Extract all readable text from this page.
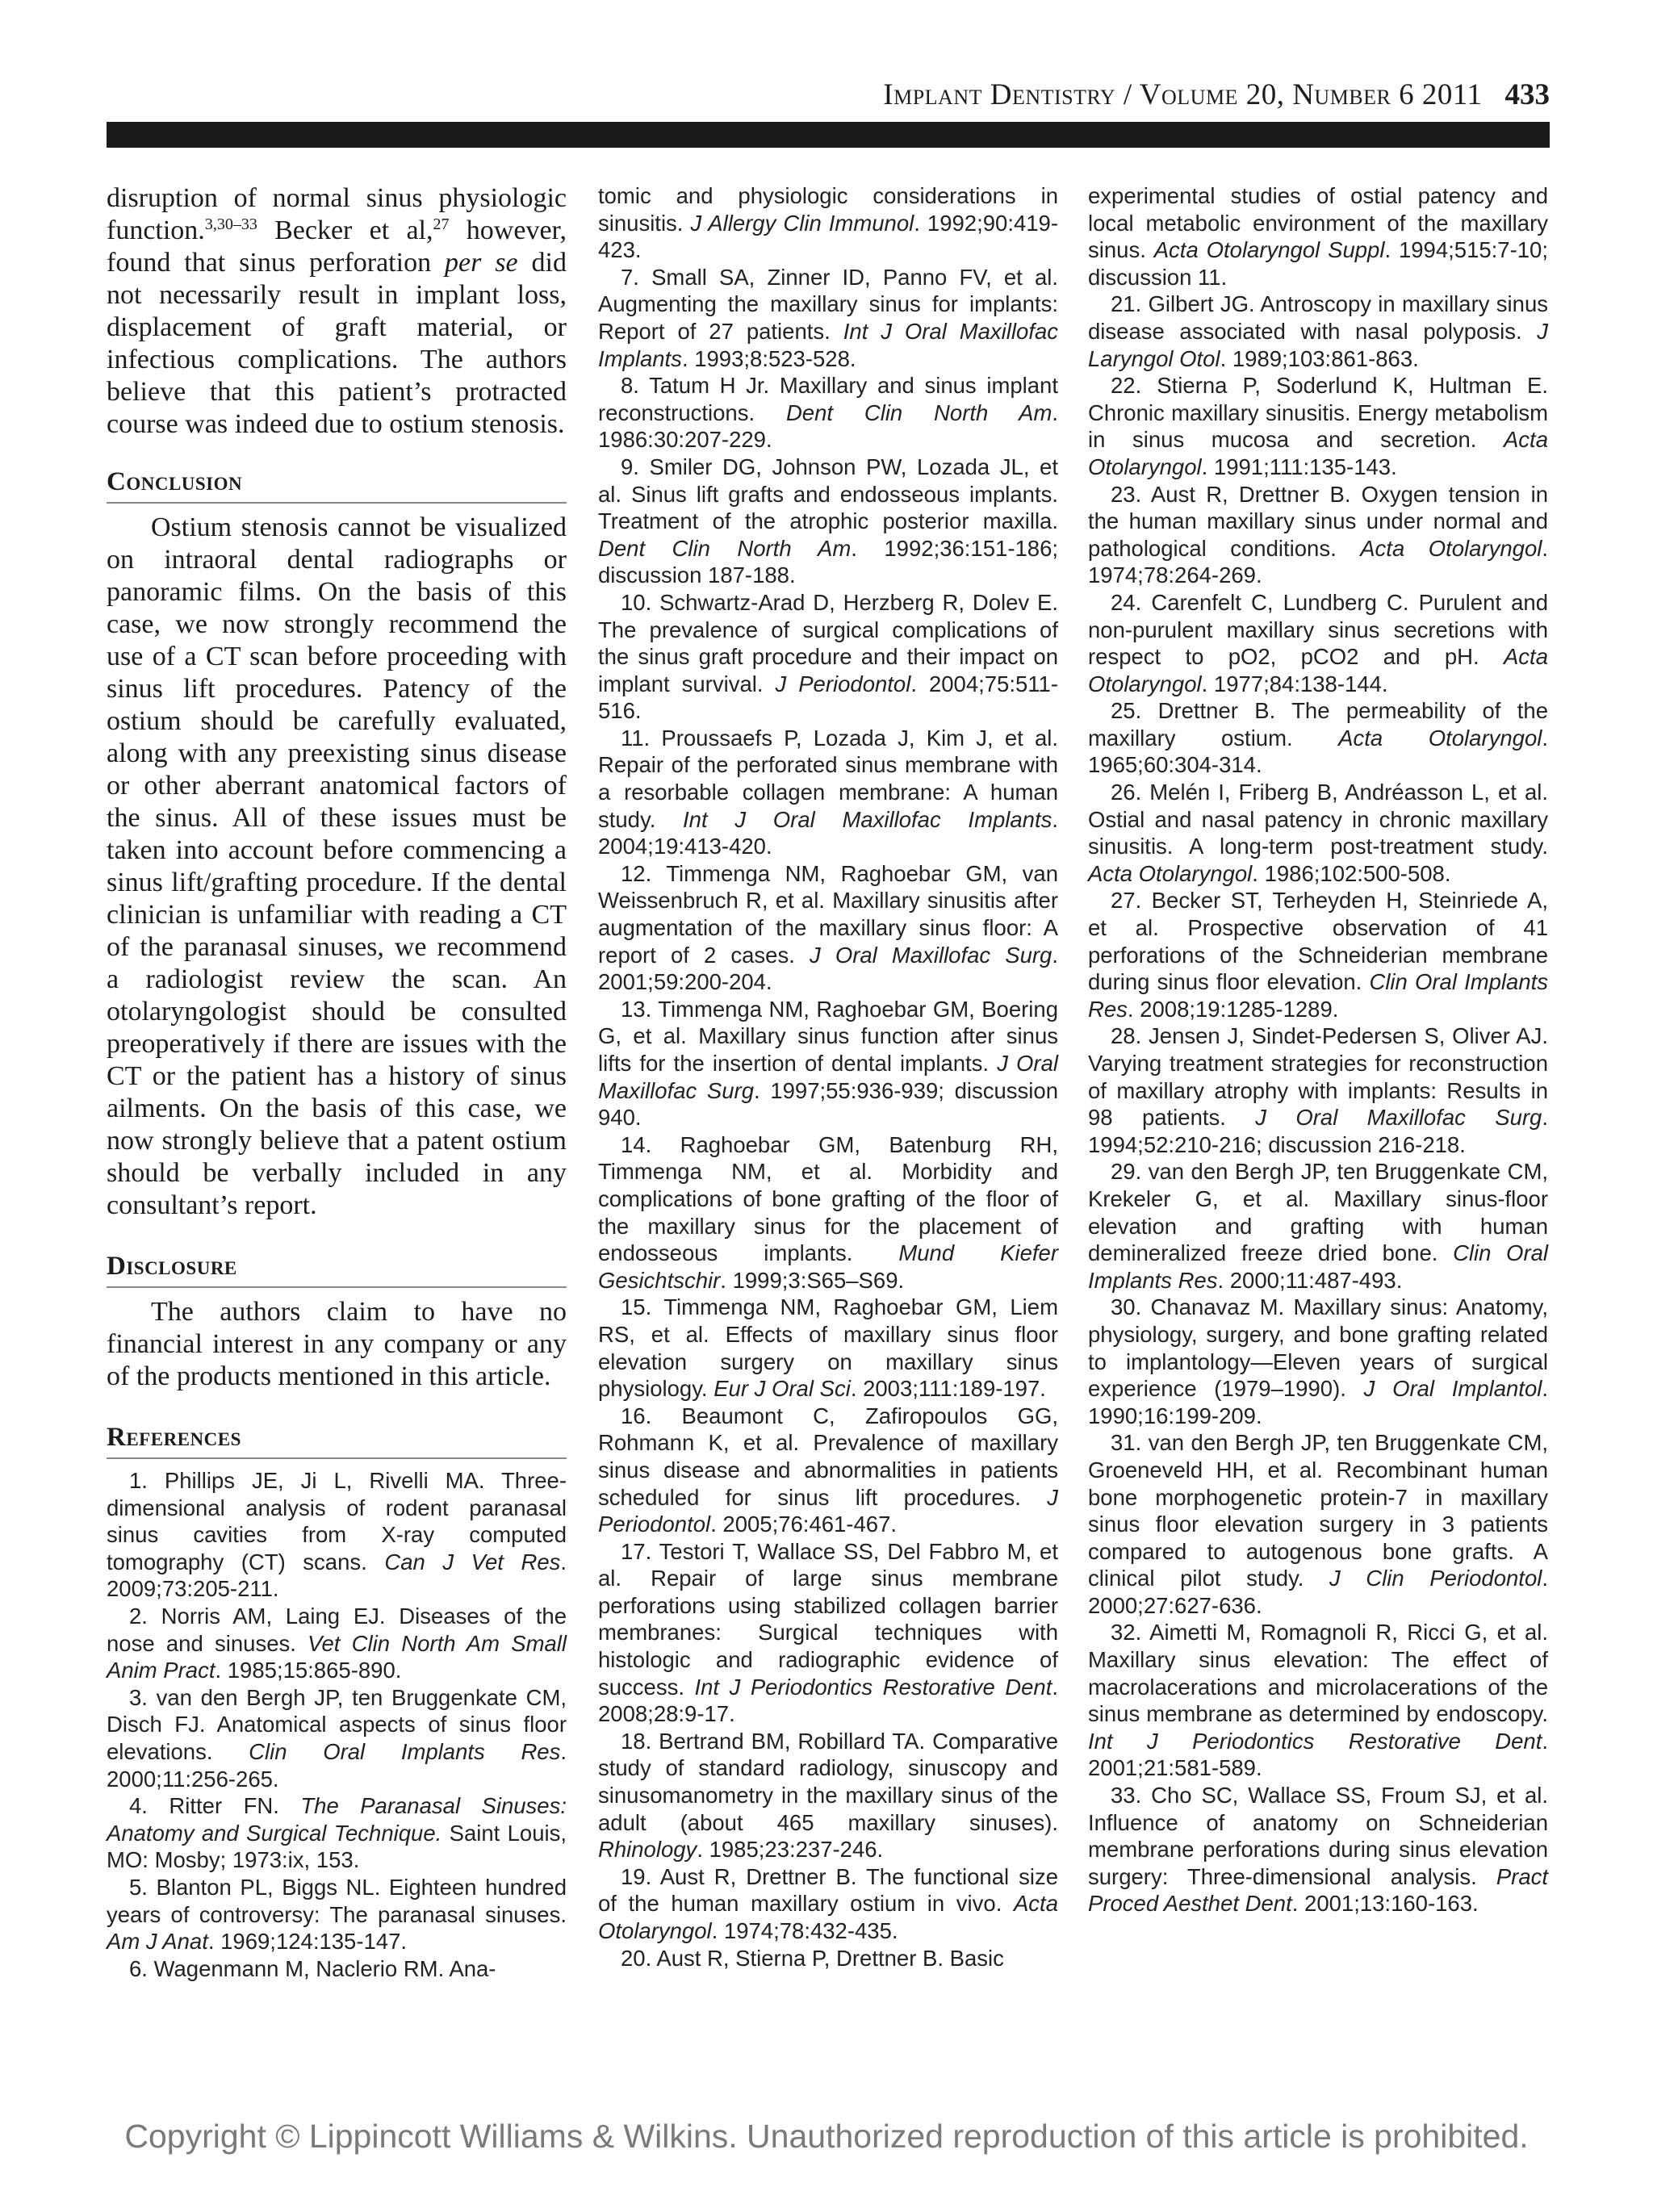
Implant Dentistry / Volume 20, Number 6 2011 433

disruption of normal sinus physiologic function.$^{3,30-33}$ Becker et al,$^{27}$ however, found that sinus perforation per se did not necessarily result in implant loss, displacement of graft material, or infectious complications. The authors believe that this patient’s protracted course was indeed due to ostium stenosis.

Conclusion

Ostium stenosis cannot be visualized on intraoral dental radiographs or panoramic films. On the basis of this case, we now strongly recommend the use of a CT scan before proceeding with sinus lift procedures. Patency of the ostium should be carefully evaluated, along with any preexisting sinus disease or other aberrant anatomical factors of the sinus. All of these issues must be taken into account before commencing a sinus lift/grafting procedure. If the dental clinician is unfamiliar with reading a CT of the paranasal sinuses, we recommend a radiologist review the scan. An otolaryngologist should be consulted preoperatively if there are issues with the CT or the patient has a history of sinus ailments. On the basis of this case, we now strongly believe that a patent ostium should be verbally included in any consultant’s report.

Disclosure

The authors claim to have no financial interest in any company or any of the products mentioned in this article.

References

1. Phillips JE, Ji L, Rivelli MA. Three-dimensional analysis of rodent paranasal sinus cavities from X-ray computed tomography (CT) scans. Can J Vet Res. 2009;73:205-211.

2. Norris AM, Laing EJ. Diseases of the nose and sinuses. Vet Clin North Am Small Anim Pract. 1985;15:865-890.

3. van den Bergh JP, ten Bruggenkate CM, Disch FJ. Anatomical aspects of sinus floor elevations. Clin Oral Implants Res. 2000;11:256-265.

4. Ritter FN. The Paranasal Sinuses: Anatomy and Surgical Technique. Saint Louis, MO: Mosby; 1973:ix, 153.

5. Blanton PL, Biggs NL. Eighteen hundred years of controversy: The paranasal sinuses. Am J Anat. 1969;124:135-147.

6. Wagenmann M, Naclerio RM. Ana-

tomic and physiologic considerations in sinusitis. J Allergy Clin Immunol. 1992;90:419-423.

7. Small SA, Zinner ID, Panno FV, et al. Augmenting the maxillary sinus for implants: Report of 27 patients. Int J Oral Maxillofac Implants. 1993;8:523-528.

8. Tatum H Jr. Maxillary and sinus implant reconstructions. Dent Clin North Am. 1986:30:207-229.

9. Smiler DG, Johnson PW, Lozada JL, et al. Sinus lift grafts and endosseous implants. Treatment of the atrophic posterior maxilla. Dent Clin North Am. 1992;36:151-186; discussion 187-188.

10. Schwartz-Arad D, Herzberg R, Dolev E. The prevalence of surgical complications of the sinus graft procedure and their impact on implant survival. J Periodontol. 2004;75:511-516.

11. Proussaefs P, Lozada J, Kim J, et al. Repair of the perforated sinus membrane with a resorbable collagen membrane: A human study. Int J Oral Maxillofac Implants. 2004;19:413-420.

12. Timmenga NM, Raghoebar GM, van Weissenbruch R, et al. Maxillary sinusitis after augmentation of the maxillary sinus floor: A report of 2 cases. J Oral Maxillofac Surg. 2001;59:200-204.

13. Timmenga NM, Raghoebar GM, Boering G, et al. Maxillary sinus function after sinus lifts for the insertion of dental implants. J Oral Maxillofac Surg. 1997;55:936-939; discussion 940.

14. Raghoebar GM, Batenburg RH, Timmenga NM, et al. Morbidity and complications of bone grafting of the floor of the maxillary sinus for the placement of endosseous implants. Mund Kiefer Gesichtschir. 1999;3:S65–S69.

15. Timmenga NM, Raghoebar GM, Liem RS, et al. Effects of maxillary sinus floor elevation surgery on maxillary sinus physiology. Eur J Oral Sci. 2003;111:189-197.

16. Beaumont C, Zafiropoulos GG, Rohmann K, et al. Prevalence of maxillary sinus disease and abnormalities in patients scheduled for sinus lift procedures. J Periodontol. 2005;76:461-467.

17. Testori T, Wallace SS, Del Fabbro M, et al. Repair of large sinus membrane perforations using stabilized collagen barrier membranes: Surgical techniques with histologic and radiographic evidence of success. Int J Periodontics Restorative Dent. 2008;28:9-17.

18. Bertrand BM, Robillard TA. Comparative study of standard radiology, sinuscopy and sinusomanometry in the maxillary sinus of the adult (about 465 maxillary sinuses). Rhinology. 1985;23:237-246.

19. Aust R, Drettner B. The functional size of the human maxillary ostium in vivo. Acta Otolaryngol. 1974;78:432-435.

20. Aust R, Stierna P, Drettner B. Basic

experimental studies of ostial patency and local metabolic environment of the maxillary sinus. Acta Otolaryngol Suppl. 1994;515:7-10; discussion 11.

21. Gilbert JG. Antroscopy in maxillary sinus disease associated with nasal polyposis. J Laryngol Otol. 1989;103:861-863.

22. Stierna P, Soderlund K, Hultman E. Chronic maxillary sinusitis. Energy metabolism in sinus mucosa and secretion. Acta Otolaryngol. 1991;111:135-143.

23. Aust R, Drettner B. Oxygen tension in the human maxillary sinus under normal and pathological conditions. Acta Otolaryngol. 1974;78:264-269.

24. Carenfelt C, Lundberg C. Purulent and non-purulent maxillary sinus secretions with respect to pO2, pCO2 and pH. Acta Otolaryngol. 1977;84:138-144.

25. Drettner B. The permeability of the maxillary ostium. Acta Otolaryngol. 1965;60:304-314.

26. Melén I, Friberg B, Andréasson L, et al. Ostial and nasal patency in chronic maxillary sinusitis. A long-term post-treatment study. Acta Otolaryngol. 1986;102:500-508.

27. Becker ST, Terheyden H, Steinriede A, et al. Prospective observation of 41 perforations of the Schneiderian membrane during sinus floor elevation. Clin Oral Implants Res. 2008;19:1285-1289.

28. Jensen J, Sindet-Pedersen S, Oliver AJ. Varying treatment strategies for reconstruction of maxillary atrophy with implants: Results in 98 patients. J Oral Maxillofac Surg. 1994;52:210-216; discussion 216-218.

29. van den Bergh JP, ten Bruggenkate CM, Krekeler G, et al. Maxillary sinus-floor elevation and grafting with human demineralized freeze dried bone. Clin Oral Implants Res. 2000;11:487-493.

30. Chanavaz M. Maxillary sinus: Anatomy, physiology, surgery, and bone grafting related to implantology—Eleven years of surgical experience (1979–1990). J Oral Implantol. 1990;16:199-209.

31. van den Bergh JP, ten Bruggenkate CM, Groeneveld HH, et al. Recombinant human bone morphogenetic protein-7 in maxillary sinus floor elevation surgery in 3 patients compared to autogenous bone grafts. A clinical pilot study. J Clin Periodontol. 2000;27:627-636.

32. Aimetti M, Romagnoli R, Ricci G, et al. Maxillary sinus elevation: The effect of macrolacerations and microlacerations of the sinus membrane as determined by endoscopy. Int J Periodontics Restorative Dent. 2001;21:581-589.

33. Cho SC, Wallace SS, Froum SJ, et al. Influence of anatomy on Schneiderian membrane perforations during sinus elevation surgery: Three-dimensional analysis. Pract Proced Aesthet Dent. 2001;13:160-163.

Copyright © Lippincott Williams & Wilkins. Unauthorized reproduction of this article is prohibited.
